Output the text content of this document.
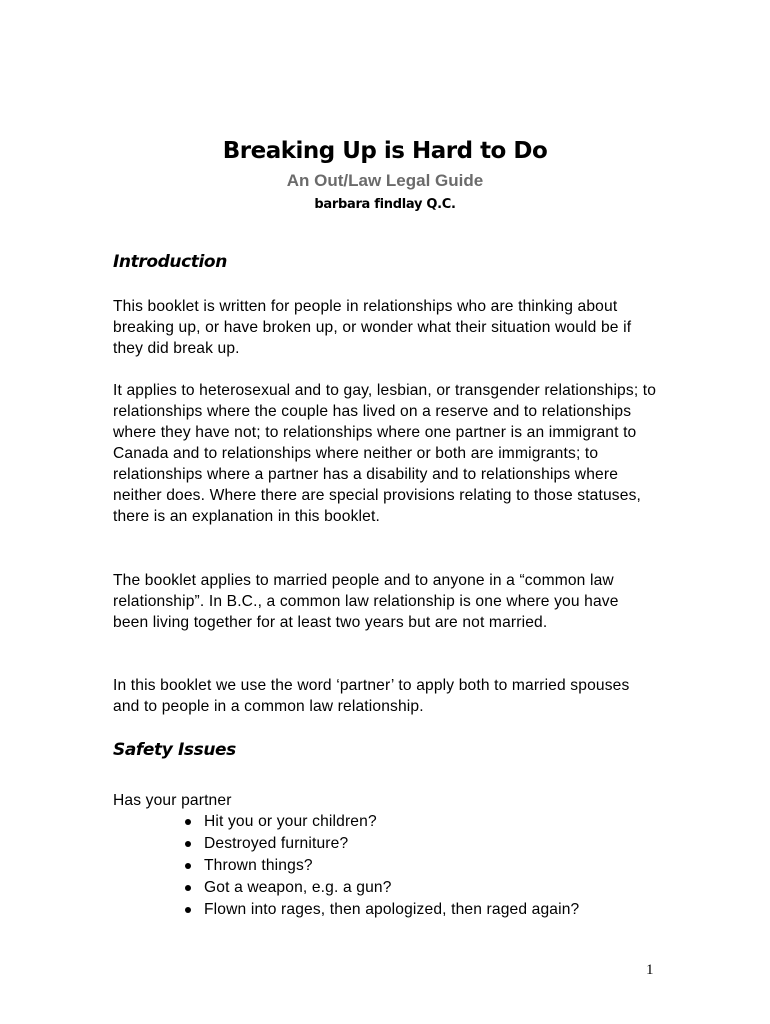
Breaking Up is Hard to Do
An Out/Law Legal Guide
barbara findlay Q.C.
Introduction

This booklet is written for people in relationships who are thinking about breaking up, or have broken up, or wonder what their situation would be if they did break up.

It applies to heterosexual and to gay, lesbian, or transgender relationships; to relationships where the couple has lived on a reserve and to relationships where they have not; to relationships where one partner is an immigrant to Canada and to relationships where neither or both are immigrants; to relationships where a partner has a disability and to relationships where neither does. Where there are special provisions relating to those statuses, there is an explanation in this booklet.

The booklet applies to married people and to anyone in a “common law relationship”. In B.C., a common law relationship is one where you have been living together for at least two years but are not married.

In this booklet we use the word ‘partner’ to apply both to married spouses and to people in a common law relationship.

Safety Issues
Has your partner
Hit you or your children?
Destroyed furniture?
Thrown things?
Got a weapon, e.g. a gun?
Flown into rages, then apologized, then raged again?
1
